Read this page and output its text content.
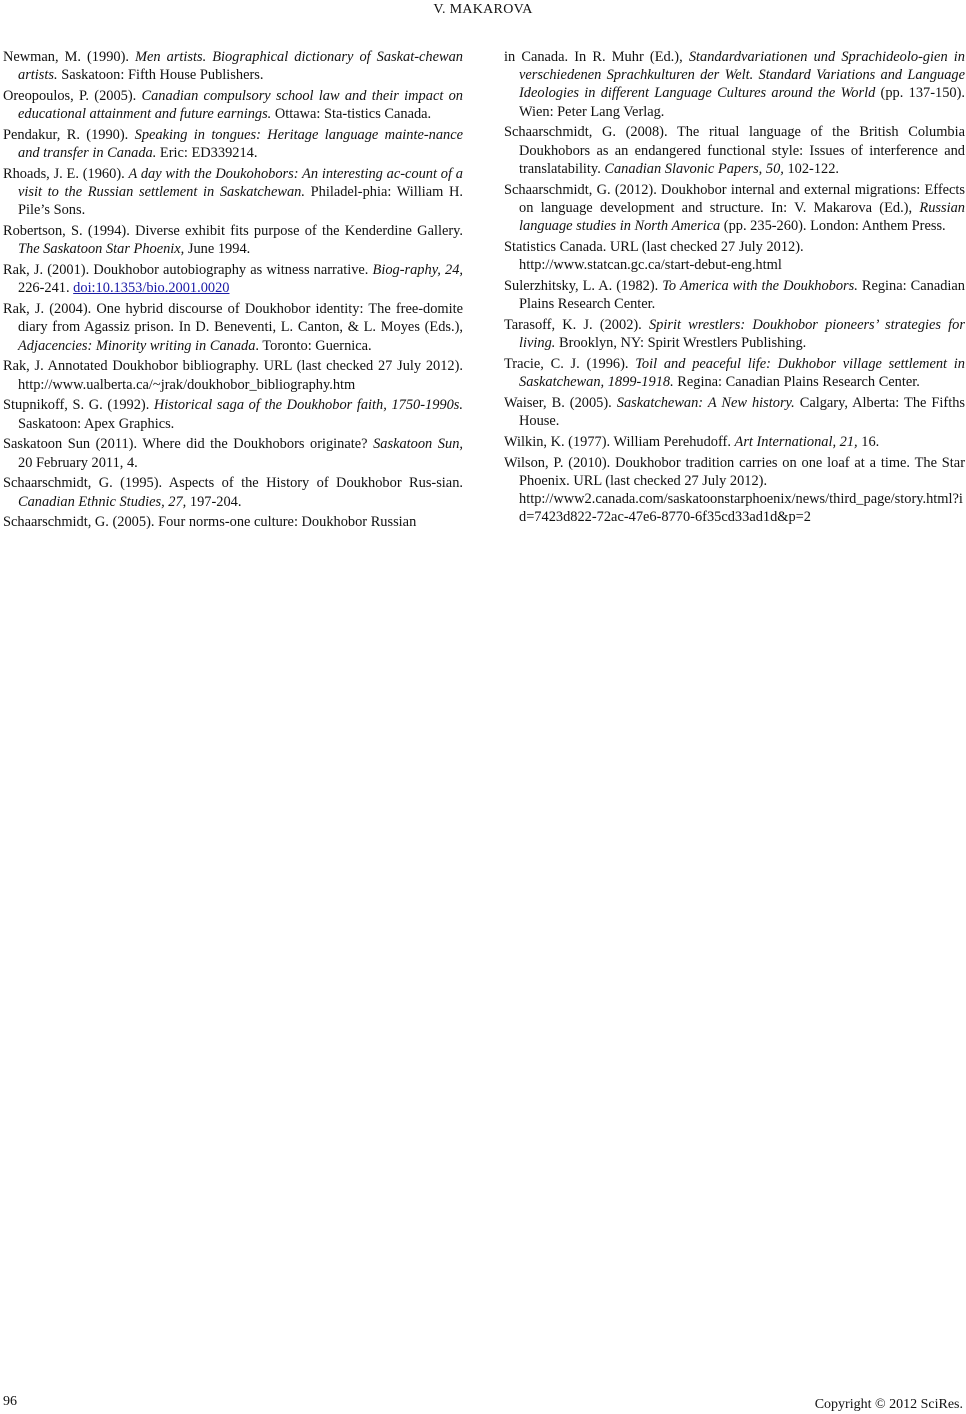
V. MAKAROVA

Newman, M. (1990). Men artists. Biographical dictionary of Saskat-chewan artists. Saskatoon: Fifth House Publishers.

Oreopoulos, P. (2005). Canadian compulsory school law and their impact on educational attainment and future earnings. Ottawa: Sta-tistics Canada.

Pendakur, R. (1990). Speaking in tongues: Heritage language mainte-nance and transfer in Canada. Eric: ED339214.

Rhoads, J. E. (1960). A day with the Doukohobors: An interesting ac-count of a visit to the Russian settlement in Saskatchewan. Philadel-phia: William H. Pile’s Sons.

Robertson, S. (1994). Diverse exhibit fits purpose of the Kenderdine Gallery. The Saskatoon Star Phoenix, June 1994.

Rak, J. (2001). Doukhobor autobiography as witness narrative. Biog-raphy, 24, 226-241. doi:10.1353/bio.2001.0020

Rak, J. (2004). One hybrid discourse of Doukhobor identity: The free-domite diary from Agassiz prison. In D. Beneventi, L. Canton, & L. Moyes (Eds.), Adjacencies: Minority writing in Canada. Toronto: Guernica.

Rak, J. Annotated Doukhobor bibliography. URL (last checked 27 July 2012). http://www.ualberta.ca/~jrak/doukhobor_bibliography.htm

Stupnikoff, S. G. (1992). Historical saga of the Doukhobor faith, 1750-1990s. Saskatoon: Apex Graphics.

Saskatoon Sun (2011). Where did the Doukhobors originate? Saskatoon Sun, 20 February 2011, 4.

Schaarschmidt, G. (1995). Aspects of the History of Doukhobor Rus-sian. Canadian Ethnic Studies, 27, 197-204.

Schaarschmidt, G. (2005). Four norms-one culture: Doukhobor Russian

in Canada. In R. Muhr (Ed.), Standardvariationen und Sprachideolo-gien in verschiedenen Sprachkulturen der Welt. Standard Variations and Language Ideologies in different Language Cultures around the World (pp. 137-150). Wien: Peter Lang Verlag.

Schaarschmidt, G. (2008). The ritual language of the British Columbia Doukhobors as an endangered functional style: Issues of interference and translatability. Canadian Slavonic Papers, 50, 102-122.

Schaarschmidt, G. (2012). Doukhobor internal and external migrations: Effects on language development and structure. In: V. Makarova (Ed.), Russian language studies in North America (pp. 235-260). London: Anthem Press.

Statistics Canada. URL (last checked 27 July 2012).
http://www.statcan.gc.ca/start-debut-eng.html

Sulerzhitsky, L. A. (1982). To America with the Doukhobors. Regina: Canadian Plains Research Center.

Tarasoff, K. J. (2002). Spirit wrestlers: Doukhobor pioneers’ strategies for living. Brooklyn, NY: Spirit Wrestlers Publishing.

Tracie, C. J. (1996). Toil and peaceful life: Dukhobor village settlement in Saskatchewan, 1899-1918. Regina: Canadian Plains Research Center.

Waiser, B. (2005). Saskatchewan: A New history. Calgary, Alberta: The Fifths House.

Wilkin, K. (1977). William Perehudoff. Art International, 21, 16.

Wilson, P. (2010). Doukhobor tradition carries on one loaf at a time. The Star Phoenix. URL (last checked 27 July 2012).
http://www2.canada.com/saskatoonstarphoenix/news/third_page/story.html?id=7423d822-72ac-47e6-8770-6f35cd33ad1d&p=2

96	Copyright © 2012 SciRes.
